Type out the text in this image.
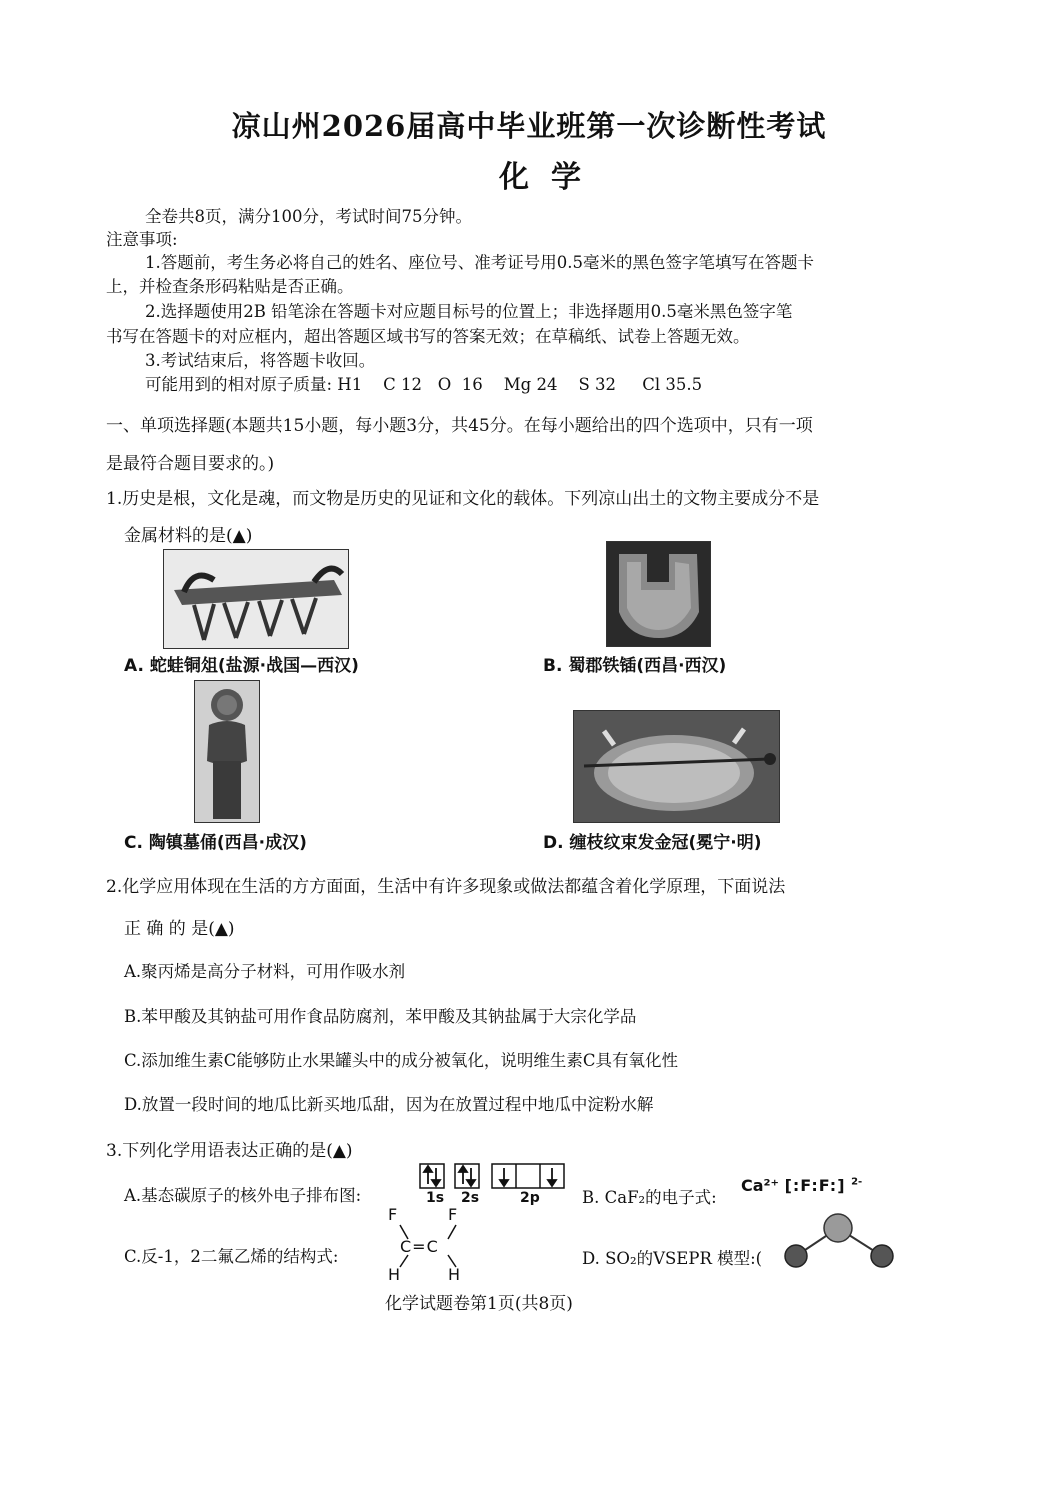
凉山州2026届高中毕业班第一次诊断性考试
化学
全卷共8页，满分100分，考试时间75分钟。
注意事项:
1.答题前，考生务必将自己的姓名、座位号、准考证号用0.5毫米的黑色签字笔填写在答题卡
上，并检查条形码粘贴是否正确。
2.选择题使用2B 铅笔涂在答题卡对应题目标号的位置上；非选择题用0.5毫米黑色签字笔
书写在答题卡的对应框内，超出答题区域书写的答案无效；在草稿纸、试卷上答题无效。
3.考试结束后，将答题卡收回。
可能用到的相对原子质量: H1    C 12   O  16    Mg 24    S 32     Cl 35.5
一、单项选择题(本题共15小题，每小题3分，共45分。在每小题给出的四个选项中，只有一项
是最符合题目要求的。)
1.历史是根，文化是魂，而文物是历史的见证和文化的载体。下列凉山出土的文物主要成分不是
金属材料的是(▲)
A. 蛇蛙铜俎(盐源·战国—西汉)	B. 蜀郡铁锸(西昌·西汉)
C. 陶镇墓俑(西昌·成汉)	D. 缠枝纹束发金冠(冕宁·明)
2.化学应用体现在生活的方方面面，生活中有许多现象或做法都蕴含着化学原理，下面说法
正 确 的 是(▲)
A.聚丙烯是高分子材料，可用作吸水剂
B.苯甲酸及其钠盐可用作食品防腐剂，苯甲酸及其钠盐属于大宗化学品
C.添加维生素C能够防止水果罐头中的成分被氧化，说明维生素C具有氧化性
D.放置一段时间的地瓜比新买地瓜甜，因为在放置过程中地瓜中淀粉水解
3.下列化学用语表达正确的是(▲)
A.基态碳原子的核外电子排布图:	1s 2s	2p	B. CaF₂的电子式:
Ca²⁺ [:F:F:] $^{2-}$
C.反-1，2二氟乙烯的结构式:
F	F
C=C
H	H
D. SO₂的VSEPR 模型:(
化学试题卷第1页(共8页)
